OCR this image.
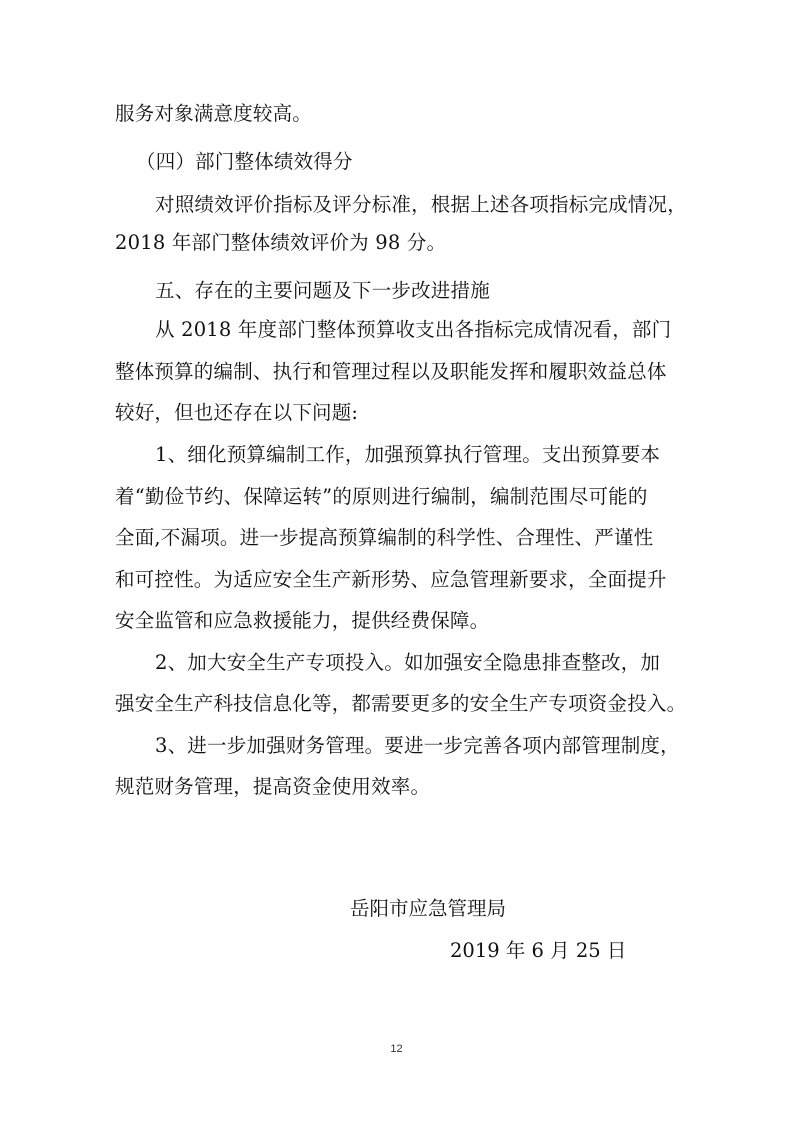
服务对象满意度较高。

（四）部门整体绩效得分

对照绩效评价指标及评分标准，根据上述各项指标完成情况，

2018 年部门整体绩效评价为 98 分。

五、存在的主要问题及下一步改进措施

从 2018 年度部门整体预算收支出各指标完成情况看，部门

整体预算的编制、执行和管理过程以及职能发挥和履职效益总体

较好，但也还存在以下问题:

1、细化预算编制工作，加强预算执行管理。支出预算要本

着“勤俭节约、保障运转”的原则进行编制，编制范围尽可能的

全面,不漏项。进一步提高预算编制的科学性、合理性、严谨性

和可控性。为适应安全生产新形势、应急管理新要求，全面提升

安全监管和应急救援能力，提供经费保障。

2、加大安全生产专项投入。如加强安全隐患排查整改，加

强安全生产科技信息化等，都需要更多的安全生产专项资金投入。

3、进一步加强财务管理。要进一步完善各项内部管理制度，

规范财务管理，提高资金使用效率。

岳阳市应急管理局
2019 年 6 月 25 日
12
